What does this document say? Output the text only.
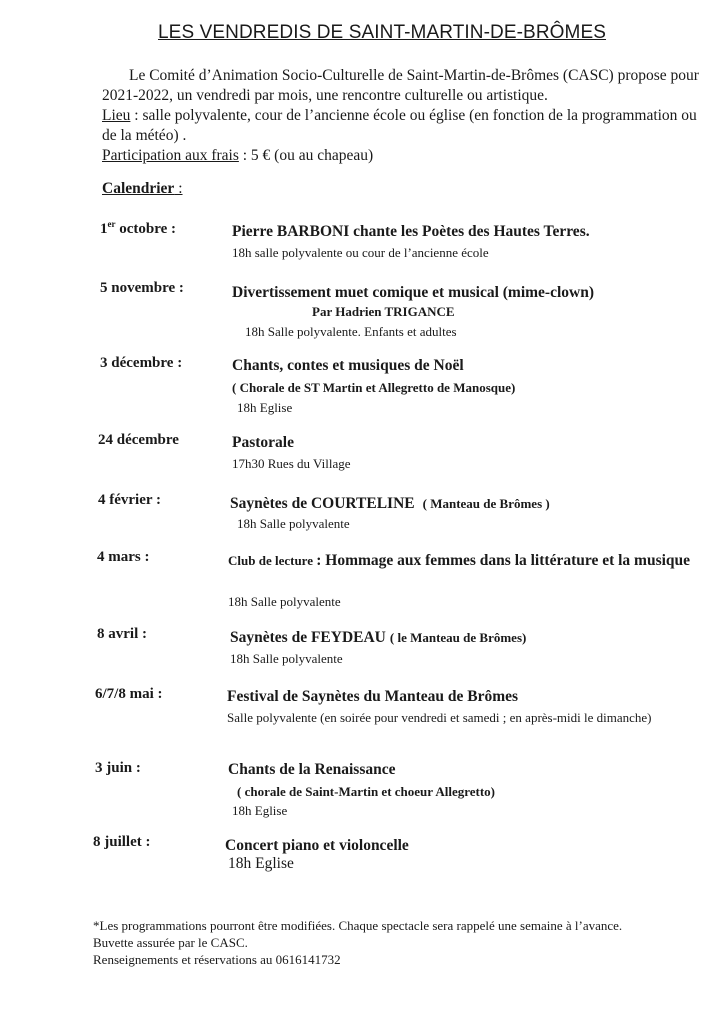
LES VENDREDIS DE SAINT-MARTIN-DE-BRÔMES

Le Comité d’Animation Socio-Culturelle de Saint-Martin-de-Brômes (CASC) propose pour 2021-2022, un vendredi par mois, une rencontre culturelle ou artistique.

Lieu : salle polyvalente, cour de l’ancienne école ou église (en fonction de la programmation ou de la météo) .

Participation aux frais : 5 € (ou au chapeau)

Calendrier :
1er octobre :	Pierre BARBONI chante les Poètes des Hautes Terres.
18h salle polyvalente ou cour de l’ancienne école
5 novembre :	Divertissement muet comique et musical (mime-clown)
Par Hadrien TRIGANCE
18h Salle polyvalente. Enfants et adultes
3 décembre :	Chants, contes et musiques de Noël
( Chorale de ST Martin et Allegretto de Manosque)
18h Eglise
24 décembre	Pastorale
17h30 Rues du Village
4 février :	Saynètes de COURTELINE ( Manteau de Brômes )
18h Salle polyvalente
4 mars :	Club de lecture : Hommage aux femmes dans la littérature et la musique
18h Salle polyvalente
8 avril :	Saynètes de FEYDEAU ( le Manteau de Brômes)
18h Salle polyvalente
6/7/8 mai :	Festival de Saynètes du Manteau de Brômes
Salle polyvalente (en soirée pour vendredi et samedi ; en après-midi le dimanche)
3 juin :	Chants de la Renaissance
( chorale de Saint-Martin et choeur Allegretto)
18h Eglise
8 juillet :	Concert piano et violoncelle
18h Eglise

*Les programmations pourront être modifiées. Chaque spectacle sera rappelé une semaine à l’avance.

Buvette assurée par le CASC.

Renseignements et réservations au 0616141732
